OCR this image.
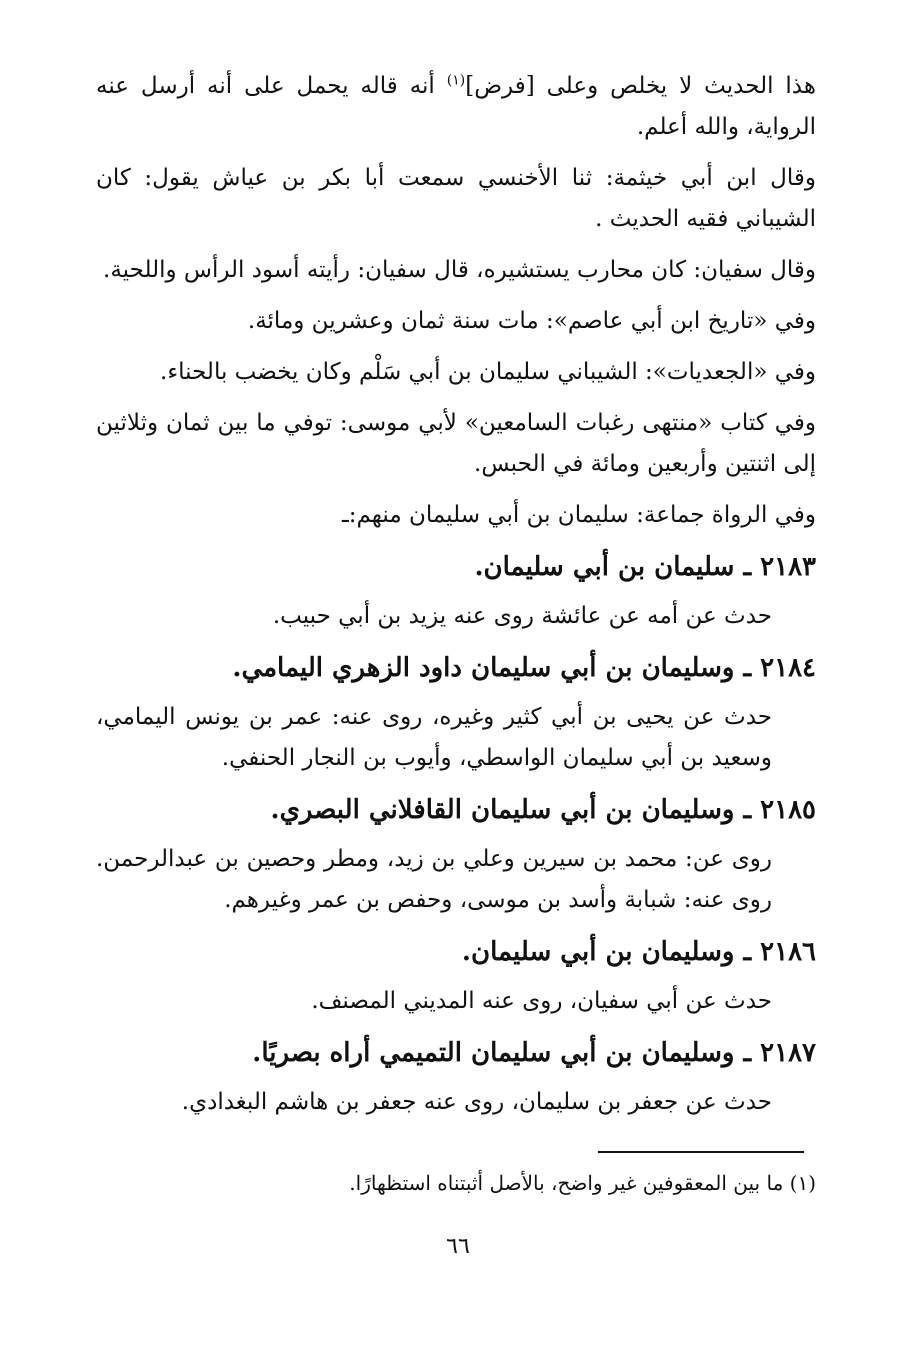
هذا الحديث لا يخلص وعلى [فرض]$^{(١)}$ أنه قاله يحمل على أنه أرسل عنه الرواية، والله أعلم.

وقال ابن أبي خيثمة: ثنا الأخنسي سمعت أبا بكر بن عياش يقول: كان الشيباني فقيه الحديث .

وقال سفيان: كان محارب يستشيره، قال سفيان: رأيته أسود الرأس واللحية.

وفي «تاريخ ابن أبي عاصم»: مات سنة ثمان وعشرين ومائة.

وفي «الجعديات»: الشيباني سليمان بن أبي سَلْم وكان يخضب بالحناء.

وفي كتاب «منتهى رغبات السامعين» لأبي موسى: توفي ما بين ثمان وثلاثين إلى اثنتين وأربعين ومائة في الحبس.

وفي الرواة جماعة: سليمان بن أبي سليمان منهم:ـ

٢١٨٣ ـ سليمان بن أبي سليمان.

حدث عن أمه عن عائشة روى عنه يزيد بن أبي حبيب.

٢١٨٤ ـ وسليمان بن أبي سليمان داود الزهري اليمامي.

حدث عن يحيى بن أبي كثير وغيره، روى عنه: عمر بن يونس اليمامي، وسعيد بن أبي سليمان الواسطي، وأيوب بن النجار الحنفي.

٢١٨٥ ـ وسليمان بن أبي سليمان القافلاني البصري.

روى عن: محمد بن سيرين وعلي بن زيد، ومطر وحصين بن عبدالرحمن. روى عنه: شبابة وأسد بن موسى، وحفص بن عمر وغيرهم.

٢١٨٦ ـ وسليمان بن أبي سليمان.

حدث عن أبي سفيان، روى عنه المديني المصنف.

٢١٨٧ ـ وسليمان بن أبي سليمان التميمي أراه بصريًا.

حدث عن جعفر بن سليمان، روى عنه جعفر بن هاشم البغدادي.

(١) ما بين المعقوفين غير واضح، بالأصل أثبتناه استظهارًا.
٦٦
